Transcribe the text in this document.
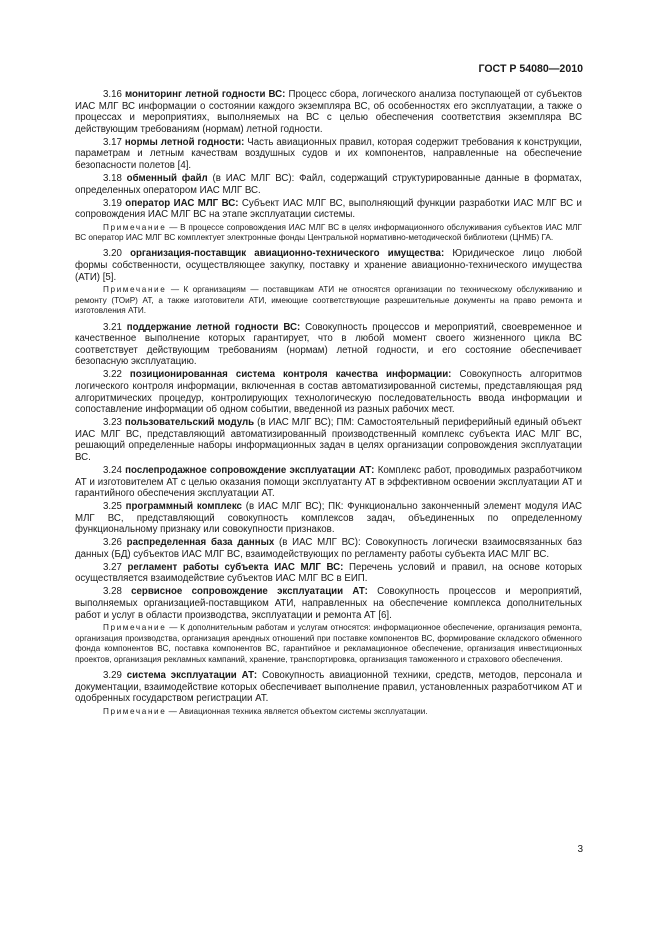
ГОСТ Р 54080—2010

3.16 мониторинг летной годности ВС: Процесс сбора, логического анализа поступающей от субъектов ИАС МЛГ ВС информации о состоянии каждого экземпляра ВС, об особенностях его эксплуатации, а также о процессах и мероприятиях, выполняемых на ВС с целью обеспечения соответствия экземпляра ВС действующим требованиям (нормам) летной годности.

3.17 нормы летной годности: Часть авиационных правил, которая содержит требования к конструкции, параметрам и летным качествам воздушных судов и их компонентов, направленные на обеспечение безопасности полетов [4].

3.18 обменный файл (в ИАС МЛГ ВС): Файл, содержащий структурированные данные в форматах, определенных оператором ИАС МЛГ ВС.

3.19 оператор ИАС МЛГ ВС: Субъект ИАС МЛГ ВС, выполняющий функции разработки ИАС МЛГ ВС и сопровождения ИАС МЛГ ВС на этапе эксплуатации системы.

Примечание — В процессе сопровождения ИАС МЛГ ВС в целях информационного обслуживания субъектов ИАС МЛГ ВС оператор ИАС МЛГ ВС комплектует электронные фонды Центральной нормативно-методической библиотеки (ЦНМБ) ГА.

3.20 организация-поставщик авиационно-технического имущества: Юридическое лицо любой формы собственности, осуществляющее закупку, поставку и хранение авиационно-технического имущества (АТИ) [5].

Примечание — К организациям — поставщикам АТИ не относятся организации по техническому обслуживанию и ремонту (ТОиР) АТ, а также изготовители АТИ, имеющие соответствующие разрешительные документы на право ремонта и изготовления АТИ.

3.21 поддержание летной годности ВС: Совокупность процессов и мероприятий, своевременное и качественное выполнение которых гарантирует, что в любой момент своего жизненного цикла ВС соответствует действующим требованиям (нормам) летной годности, и его состояние обеспечивает безопасную эксплуатацию.

3.22 позиционированная система контроля качества информации: Совокупность алгоритмов логического контроля информации, включенная в состав автоматизированной системы, представляющая ряд алгоритмических процедур, контролирующих технологическую последовательность ввода информации и сопоставление информации об одном событии, введенной из разных рабочих мест.

3.23 пользовательский модуль (в ИАС МЛГ ВС); ПМ: Самостоятельный периферийный единый объект ИАС МЛГ ВС, представляющий автоматизированный производственный комплекс субъекта ИАС МЛГ ВС, решающий определенные наборы информационных задач в целях организации сопровождения эксплуатации ВС.

3.24 послепродажное сопровождение эксплуатации АТ: Комплекс работ, проводимых разработчиком АТ и изготовителем АТ с целью оказания помощи эксплуатанту АТ в эффективном освоении эксплуатации АТ и гарантийного обеспечения эксплуатации АТ.

3.25 программный комплекс (в ИАС МЛГ ВС); ПК: Функционально законченный элемент модуля ИАС МЛГ ВС, представляющий совокупность комплексов задач, объединенных по определенному функциональному признаку или совокупности признаков.

3.26 распределенная база данных (в ИАС МЛГ ВС): Совокупность логически взаимосвязанных баз данных (БД) субъектов ИАС МЛГ ВС, взаимодействующих по регламенту работы субъекта ИАС МЛГ ВС.

3.27 регламент работы субъекта ИАС МЛГ ВС: Перечень условий и правил, на основе которых осуществляется взаимодействие субъектов ИАС МЛГ ВС в ЕИП.

3.28 сервисное сопровождение эксплуатации АТ: Совокупность процессов и мероприятий, выполняемых организацией-поставщиком АТИ, направленных на обеспечение комплекса дополнительных работ и услуг в области производства, эксплуатации и ремонта АТ [6].

Примечание — К дополнительным работам и услугам относятся: информационное обеспечение, организация ремонта, организация производства, организация арендных отношений при поставке компонентов ВС, формирование складского обменного фонда компонентов ВС, поставка компонентов ВС, гарантийное и рекламационное обеспечение, организация инвестиционных проектов, организация рекламных кампаний, хранение, транспортировка, организация таможенного и страхового обеспечения.

3.29 система эксплуатации АТ: Совокупность авиационной техники, средств, методов, персонала и документации, взаимодействие которых обеспечивает выполнение правил, установленных разработчиком АТ и одобренных государством регистрации АТ.

Примечание — Авиационная техника является объектом системы эксплуатации.

3
